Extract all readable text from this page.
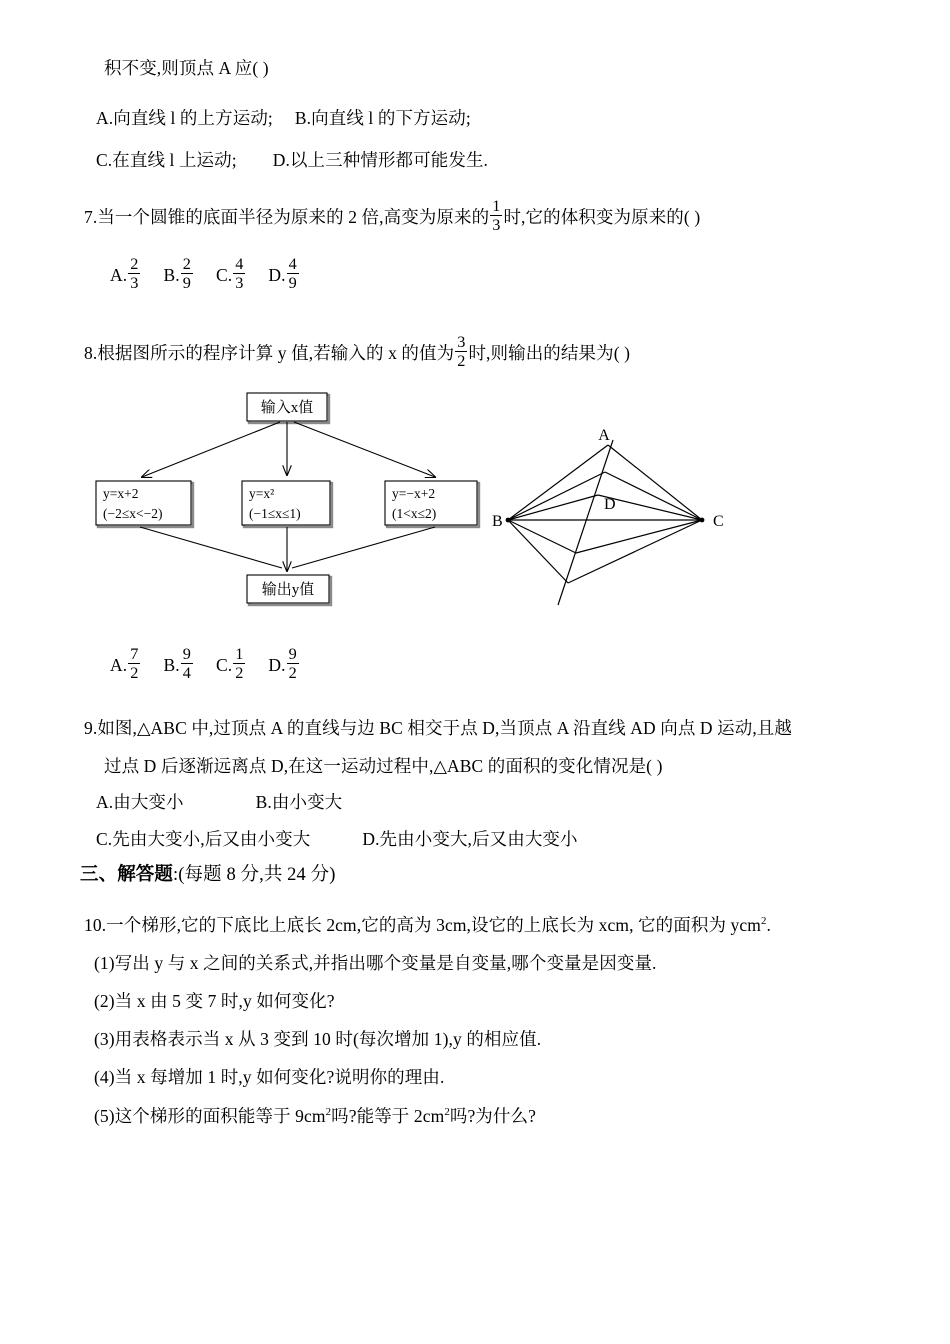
积不变,则顶点 A 应( )
A.向直线 l 的上方运动; B.向直线 l 的下方运动;
C.在直线 l 上运动; D.以上三种情形都可能发生.
7.当一个圆锥的底面半径为原来的 2 倍,高变为原来的 $\frac{1}{3}$ 时,它的体积变为原来的( )
A. $\frac{2}{3} B$. $\frac{2}{9} C$. $\frac{4}{3} D$. $\frac{4}{9}$
8.根据图所示的程序计算 y 值,若输入的 x 的值为 $\frac{3}{2}$ 时,则输出的结果为( )
输入x值
y=x+2
(−2≤x<−2)
y=x²
(−1≤x≤1)
y=−x+2
(1<x≤2)
输出y值
A
B	C
D
A. $\frac{7}{2} B$. $\frac{9}{4} C$. $\frac{1}{2} D$. $\frac{9}{2}$
9.如图,△ABC 中,过顶点 A 的直线与边 BC 相交于点 D,当顶点 A 沿直线 AD 向点 D 运动,且越
过点 D 后逐渐远离点 D,在这一运动过程中,△ABC 的面积的变化情况是( )
A.由大变小	B.由小变大
C.先由大变小,后又由小变大	D.先由小变大,后又由大变小
三、解答题:(每题 8 分,共 24 分)
10.一个梯形,它的下底比上底长 2cm,它的高为 3cm,设它的上底长为 xcm, 它的面积为 ycm$^2$.
(1)写出 y 与 x 之间的关系式,并指出哪个变量是自变量,哪个变量是因变量.
(2)当 x 由 5 变 7 时,y 如何变化?
(3)用表格表示当 x 从 3 变到 10 时(每次增加 1),y 的相应值.
(4)当 x 每增加 1 时,y 如何变化?说明你的理由.
(5)这个梯形的面积能等于 $9cm^2$吗?能等于 $2cm^2$吗?为什么?
